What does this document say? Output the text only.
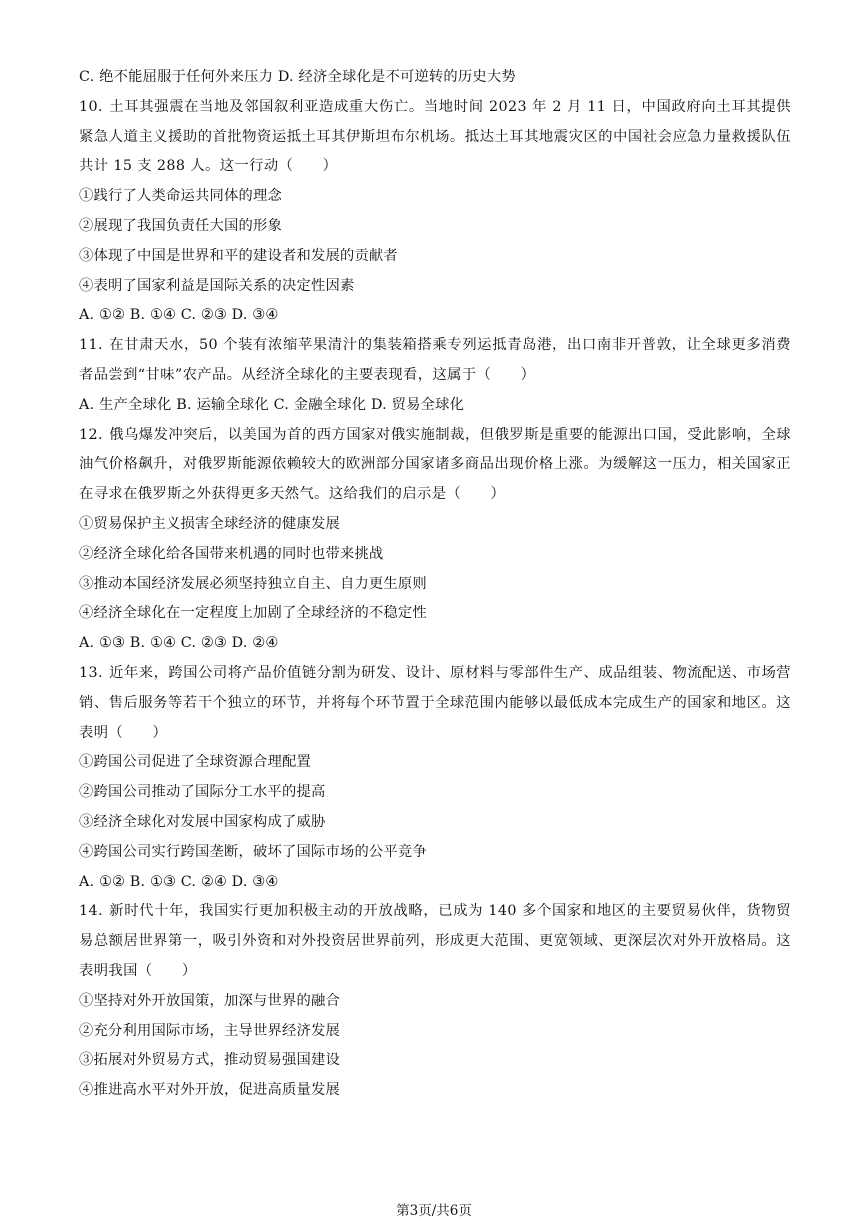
C. 绝不能屈服于任何外来压力 D. 经济全球化是不可逆转的历史大势
10. 土耳其强震在当地及邻国叙利亚造成重大伤亡。当地时间 2023 年 2 月 11 日，中国政府向土耳其提供紧急人道主义援助的首批物资运抵土耳其伊斯坦布尔机场。抵达土耳其地震灾区的中国社会应急力量救援队伍共计 15 支 288 人。这一行动（　　）
①践行了人类命运共同体的理念
②展现了我国负责任大国的形象
③体现了中国是世界和平的建设者和发展的贡献者
④表明了国家利益是国际关系的决定性因素
A. ①② B. ①④ C. ②③ D. ③④
11. 在甘肃天水，50 个装有浓缩苹果清汁的集装箱搭乘专列运抵青岛港，出口南非开普敦，让全球更多消费者品尝到“甘味”农产品。从经济全球化的主要表现看，这属于（　　）
A. 生产全球化 B. 运输全球化 C. 金融全球化 D. 贸易全球化
12. 俄乌爆发冲突后，以美国为首的西方国家对俄实施制裁，但俄罗斯是重要的能源出口国，受此影响，全球油气价格飙升，对俄罗斯能源依赖较大的欧洲部分国家诸多商品出现价格上涨。为缓解这一压力，相关国家正在寻求在俄罗斯之外获得更多天然气。这给我们的启示是（　　）
①贸易保护主义损害全球经济的健康发展
②经济全球化给各国带来机遇的同时也带来挑战
③推动本国经济发展必须坚持独立自主、自力更生原则
④经济全球化在一定程度上加剧了全球经济的不稳定性
A. ①③ B. ①④ C. ②③ D. ②④
13. 近年来，跨国公司将产品价值链分割为研发、设计、原材料与零部件生产、成品组装、物流配送、市场营销、售后服务等若干个独立的环节，并将每个环节置于全球范围内能够以最低成本完成生产的国家和地区。这表明（　　）
①跨国公司促进了全球资源合理配置
②跨国公司推动了国际分工水平的提高
③经济全球化对发展中国家构成了威胁
④跨国公司实行跨国垄断，破坏了国际市场的公平竞争
A. ①② B. ①③ C. ②④ D. ③④
14. 新时代十年，我国实行更加积极主动的开放战略，已成为 140 多个国家和地区的主要贸易伙伴，货物贸易总额居世界第一，吸引外资和对外投资居世界前列，形成更大范围、更宽领域、更深层次对外开放格局。这表明我国（　　）
①坚持对外开放国策，加深与世界的融合
②充分利用国际市场，主导世界经济发展
③拓展对外贸易方式，推动贸易强国建设
④推进高水平对外开放，促进高质量发展
第3页/共6页
